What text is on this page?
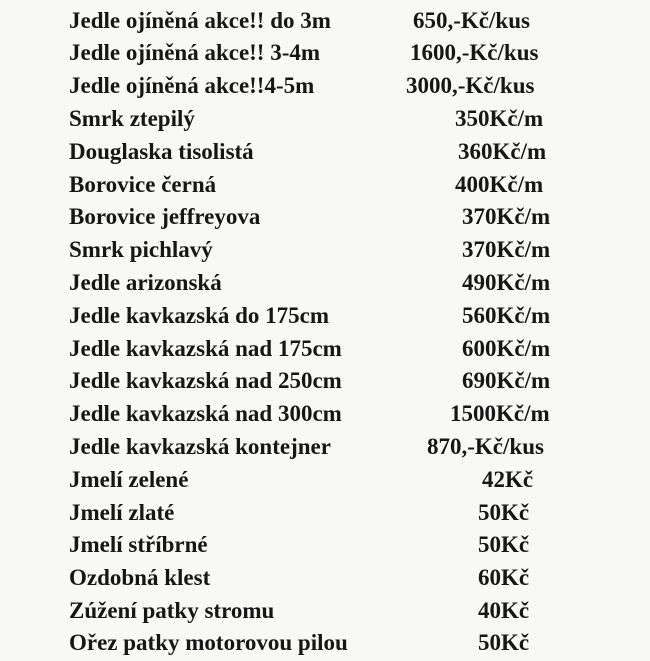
Jedle ojíněná akce!! do 3m	650,-Kč/kus
Jedle ojíněná akce!! 3-4m	1600,-Kč/kus
Jedle ojíněná akce!!4-5m	3000,-Kč/kus
Smrk ztepilý	350Kč/m
Douglaska tisolistá	360Kč/m
Borovice černá	400Kč/m
Borovice jeffreyova	370Kč/m
Smrk pichlavý	370Kč/m
Jedle arizonská	490Kč/m
Jedle kavkazská do 175cm	560Kč/m
Jedle kavkazská nad 175cm	600Kč/m
Jedle kavkazská nad 250cm	690Kč/m
Jedle kavkazská nad 300cm	1500Kč/m
Jedle kavkazská kontejner	870,-Kč/kus
Jmelí zelené	42Kč
Jmelí zlaté	50Kč
Jmelí stříbrné	50Kč
Ozdobná klest	60Kč
Zúžení patky stromu	40Kč
Ořez patky motorovou pilou	50Kč
